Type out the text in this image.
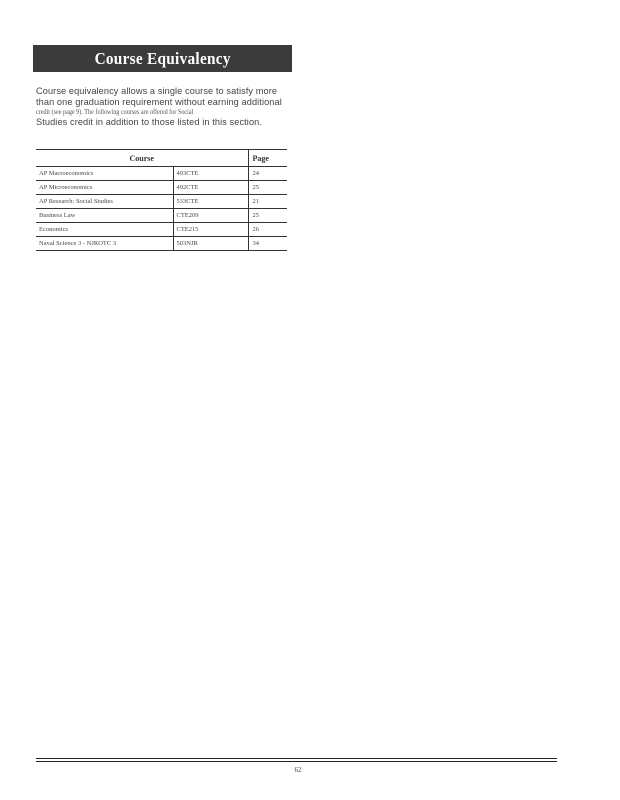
Course Equivalency
Course equivalency allows a single course to satisfy more
than one graduation requirement without earning additional
credit (see page 9). The following courses are offered for Social
Studies credit in addition to those listed in this section.
Course		Page
AP Macroeconomics	493CTE	24
AP Microeconomics	492CTE	25
AP Research: Social Studies	533CTE	21
Business Law	CTE209	25
Economics	CTE215	26
Naval Science 3 - NJROTC 3	503NJR	34
62
